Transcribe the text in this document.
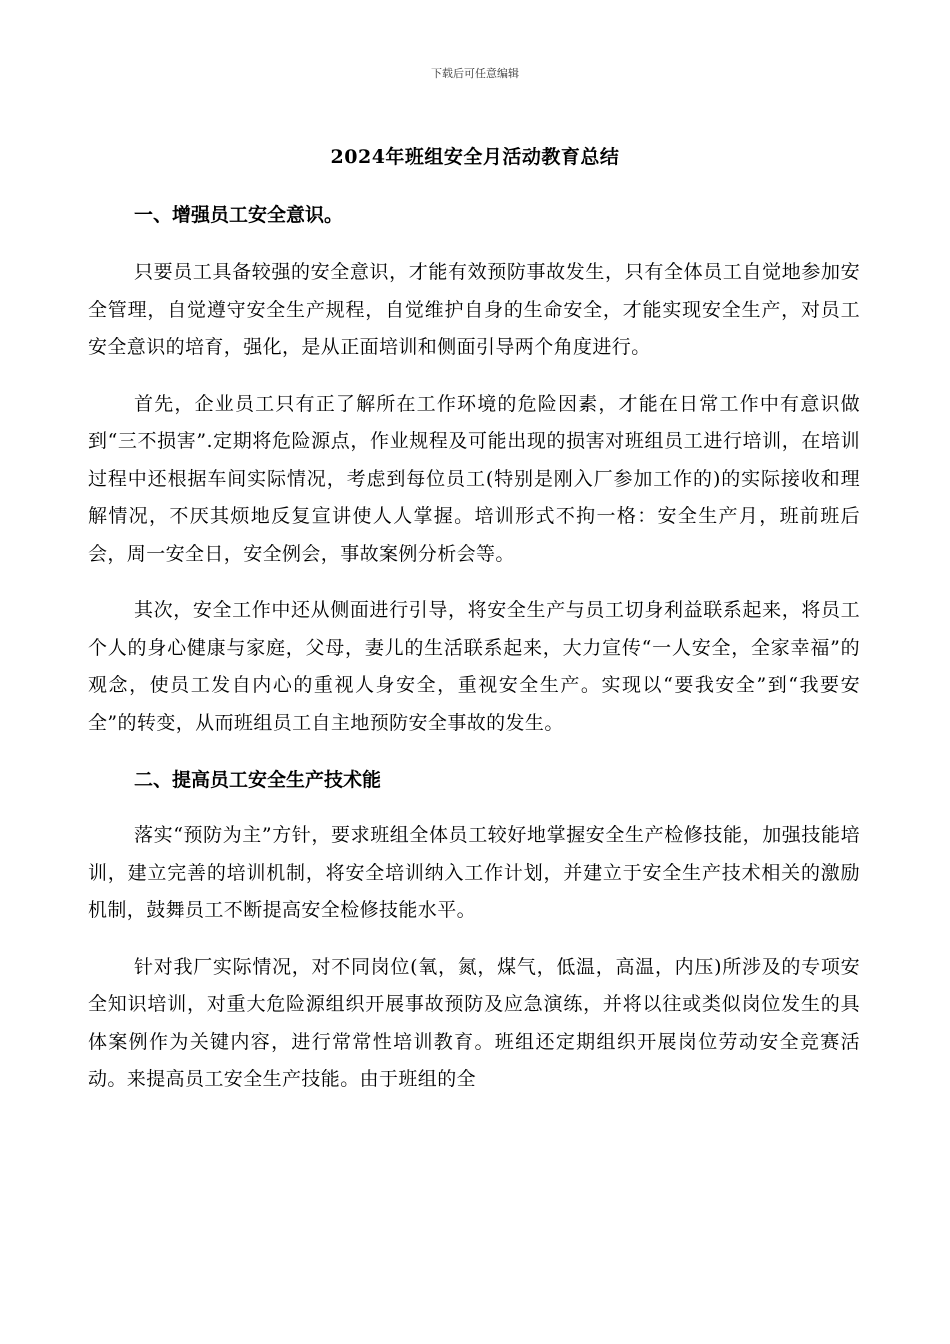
下载后可任意编辑
2024年班组安全月活动教育总结

一、增强员工安全意识。

只要员工具备较强的安全意识，才能有效预防事故发生，只有全体员工自觉地参加安全管理，自觉遵守安全生产规程，自觉维护自身的生命安全，才能实现安全生产，对员工安全意识的培育，强化，是从正面培训和侧面引导两个角度进行。

首先，企业员工只有正了解所在工作环境的危险因素，才能在日常工作中有意识做到“三不损害”.定期将危险源点，作业规程及可能出现的损害对班组员工进行培训，在培训过程中还根据车间实际情况，考虑到每位员工(特别是刚入厂参加工作的)的实际接收和理解情况，不厌其烦地反复宣讲使人人掌握。培训形式不拘一格：安全生产月，班前班后会，周一安全日，安全例会，事故案例分析会等。

其次，安全工作中还从侧面进行引导，将安全生产与员工切身利益联系起来，将员工个人的身心健康与家庭，父母，妻儿的生活联系起来，大力宣传“一人安全，全家幸福”的观念，使员工发自内心的重视人身安全，重视安全生产。实现以“要我安全”到“我要安全”的转变，从而班组员工自主地预防安全事故的发生。

二、提高员工安全生产技术能

落实“预防为主”方针，要求班组全体员工较好地掌握安全生产检修技能，加强技能培训，建立完善的培训机制，将安全培训纳入工作计划，并建立于安全生产技术相关的激励机制，鼓舞员工不断提高安全检修技能水平。

针对我厂实际情况，对不同岗位(氧，氮，煤气，低温，高温，内压)所涉及的专项安全知识培训，对重大危险源组织开展事故预防及应急演练，并将以往或类似岗位发生的具体案例作为关键内容，进行常常性培训教育。班组还定期组织开展岗位劳动安全竞赛活动。来提高员工安全生产技能。由于班组的全
